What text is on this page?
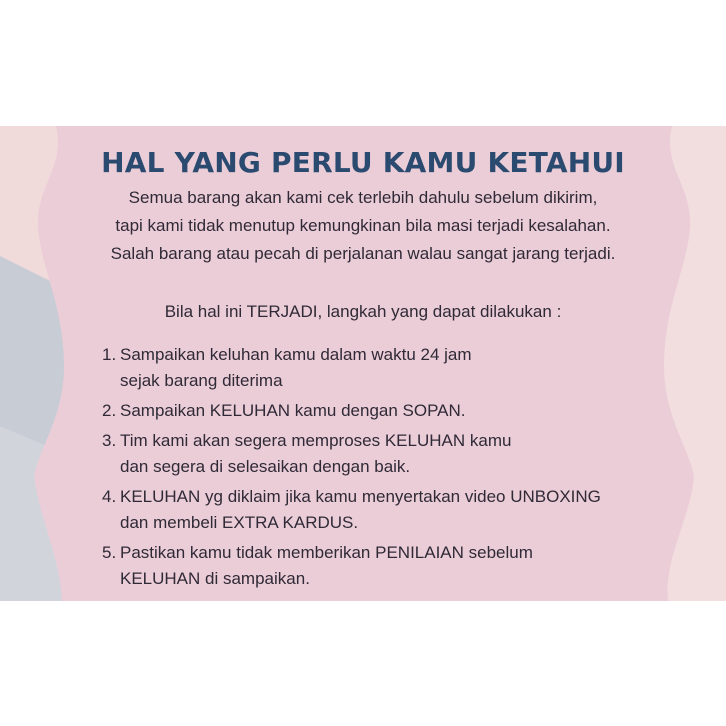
HAL YANG PERLU KAMU KETAHUI
Semua barang akan kami cek terlebih dahulu sebelum dikirim,
tapi kami tidak menutup kemungkinan bila masi terjadi kesalahan.
Salah barang atau pecah di perjalanan walau sangat jarang terjadi.
Bila hal ini TERJADI, langkah yang dapat dilakukan :
1. Sampaikan keluhan kamu dalam waktu 24 jam
sejak barang diterima
2. Sampaikan KELUHAN kamu dengan SOPAN.
3. Tim kami akan segera memproses KELUHAN kamu
dan segera di selesaikan dengan baik.
4. KELUHAN yg diklaim jika kamu menyertakan video UNBOXING
dan membeli EXTRA KARDUS.
5. Pastikan kamu tidak memberikan PENILAIAN sebelum
KELUHAN di sampaikan.
